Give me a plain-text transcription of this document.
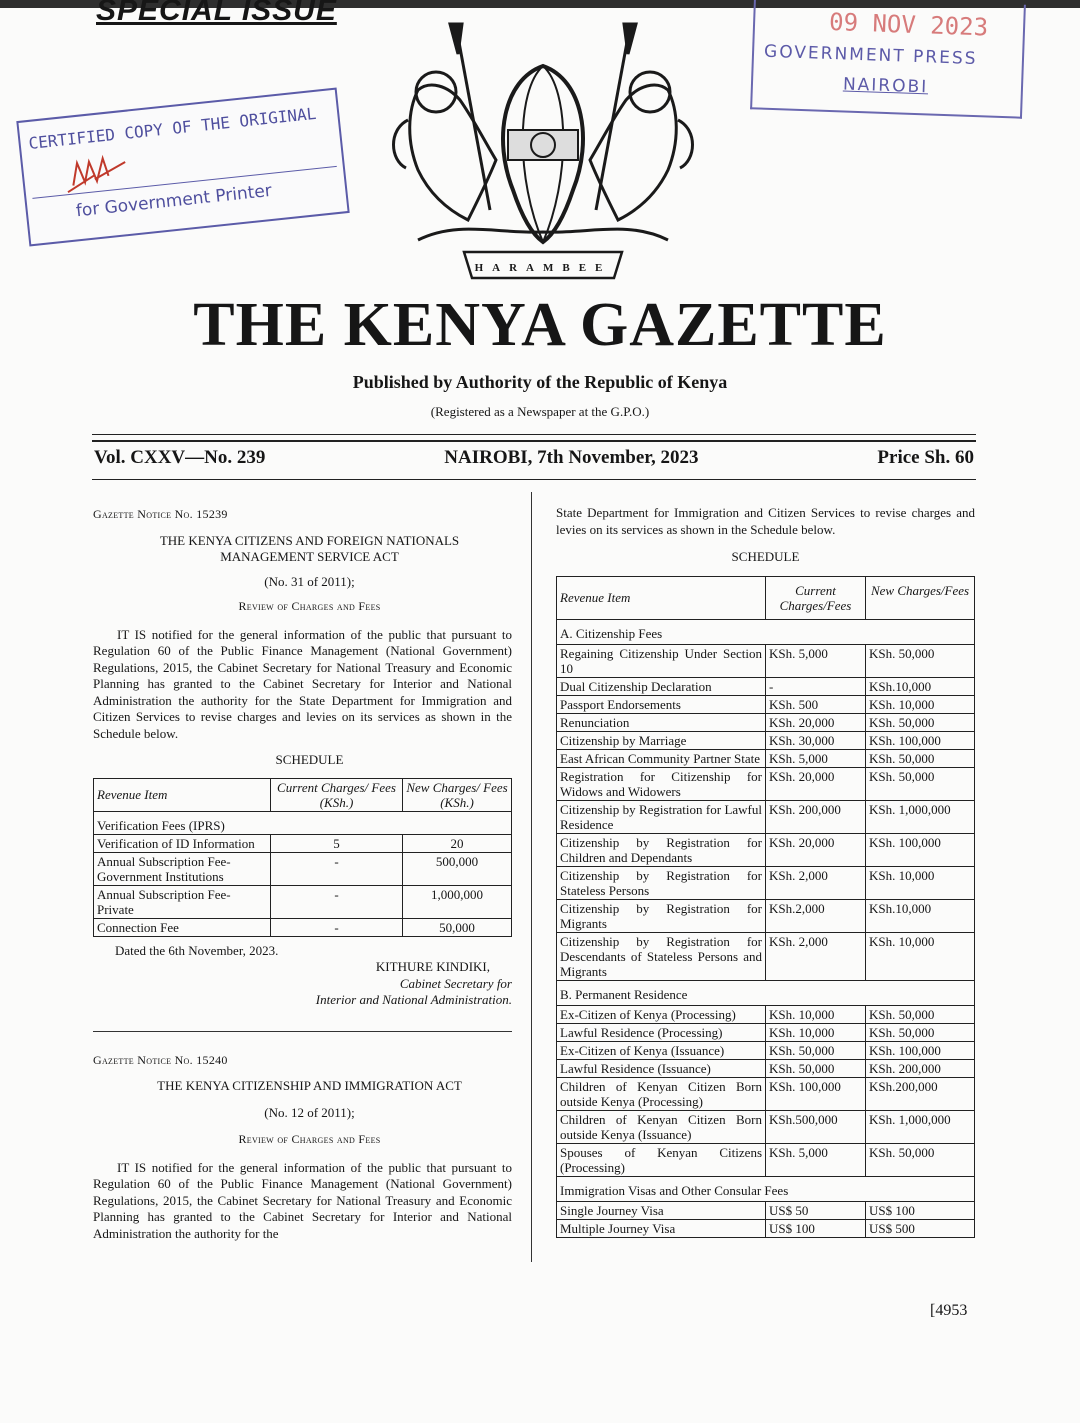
SPECIAL ISSUE
CERTIFIED COPY OF THE ORIGINAL
for Government Printer
09 NOV 2023
GOVERNMENT PRESS
NAIROBI
HARAMBEE
THE KENYA GAZETTE
Published by Authority of the Republic of Kenya
(Registered as a Newspaper at the G.P.O.)
Vol. CXXV—No. 239	NAIROBI, 7th November, 2023	Price Sh. 60
Gazette Notice No. 15239
THE KENYA CITIZENS AND FOREIGN NATIONALS
MANAGEMENT SERVICE ACT
(No. 31 of 2011);
Review of Charges and Fees
IT IS notified for the general information of the public that pursuant to Regulation 60 of the Public Finance Management (National Government) Regulations, 2015, the Cabinet Secretary for National Treasury and Economic Planning has granted to the Cabinet Secretary for Interior and National Administration the authority for the State Department for Immigration and Citizen Services to revise charges and levies on its services as shown in the Schedule below.
SCHEDULE
Revenue Item	Current Charges/ Fees (KSh.)	New Charges/ Fees (KSh.)
Verification Fees (IPRS)		
Verification of ID Information	5	20
Annual Subscription Fee-Government Institutions	-	500,000
Annual Subscription Fee-Private	-	1,000,000
Connection Fee	-	50,000
Dated the 6th November, 2023.
KITHURE KINDIKI,
Cabinet Secretary for
Interior and National Administration.
Gazette Notice No. 15240
THE KENYA CITIZENSHIP AND IMMIGRATION ACT
(No. 12 of 2011);
Review of Charges and Fees
IT IS notified for the general information of the public that pursuant to Regulation 60 of the Public Finance Management (National Government) Regulations, 2015, the Cabinet Secretary for National Treasury and Economic Planning has granted to the Cabinet Secretary for Interior and National Administration the authority for the
State Department for Immigration and Citizen Services to revise charges and levies on its services as shown in the Schedule below.
SCHEDULE
Revenue Item	Current Charges/Fees	New Charges/Fees
A. Citizenship Fees		
Regaining Citizenship Under Section 10	KSh. 5,000	KSh. 50,000
Dual Citizenship Declaration	-	KSh.10,000
Passport Endorsements	KSh. 500	KSh. 10,000
Renunciation	KSh. 20,000	KSh. 50,000
Citizenship by Marriage	KSh. 30,000	KSh. 100,000
East African Community Partner State	KSh. 5,000	KSh. 50,000
Registration for Citizenship for Widows and Widowers	KSh. 20,000	KSh. 50,000
Citizenship by Registration for Lawful Residence	KSh. 200,000	KSh. 1,000,000
Citizenship by Registration for Children and Dependants	KSh. 20,000	KSh. 100,000
Citizenship by Registration for Stateless Persons	KSh. 2,000	KSh. 10,000
Citizenship by Registration for Migrants	KSh.2,000	KSh.10,000
Citizenship by Registration for Descendants of Stateless Persons and Migrants	KSh. 2,000	KSh. 10,000
B. Permanent Residence		
Ex-Citizen of Kenya (Processing)	KSh. 10,000	KSh. 50,000
Lawful Residence (Processing)	KSh. 10,000	KSh. 50,000
Ex-Citizen of Kenya (Issuance)	KSh. 50,000	KSh. 100,000
Lawful Residence (Issuance)	KSh. 50,000	KSh. 200,000
Children of Kenyan Citizen Born outside Kenya (Processing)	KSh. 100,000	KSh.200,000
Children of Kenyan Citizen Born outside Kenya (Issuance)	KSh.500,000	KSh. 1,000,000
Spouses of Kenyan Citizens (Processing)	KSh. 5,000	KSh. 50,000
Immigration Visas and Other Consular Fees		
Single Journey Visa	US$ 50	US$ 100
Multiple Journey Visa	US$ 100	US$ 500
[4953
